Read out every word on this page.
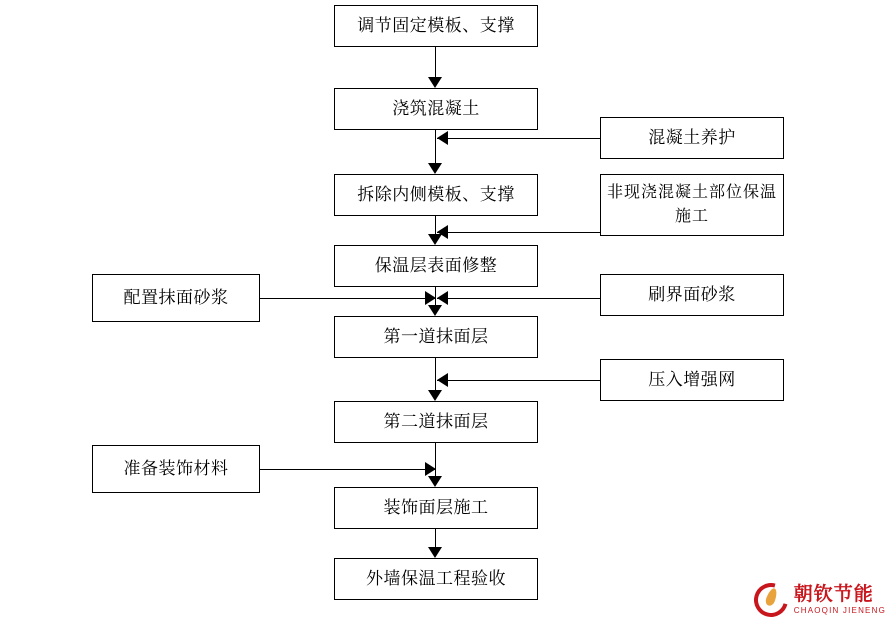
调节固定模板、支撑
浇筑混凝土
混凝土养护
拆除内侧模板、支撑	非现浇混凝土部位保温施工
保温层表面修整
配置抹面砂浆	刷界面砂浆
第一道抹面层
压入增强网
第二道抹面层
准备装饰材料
装饰面层施工
外墙保温工程验收
朝钦节能
CHAOQIN JIENENG
